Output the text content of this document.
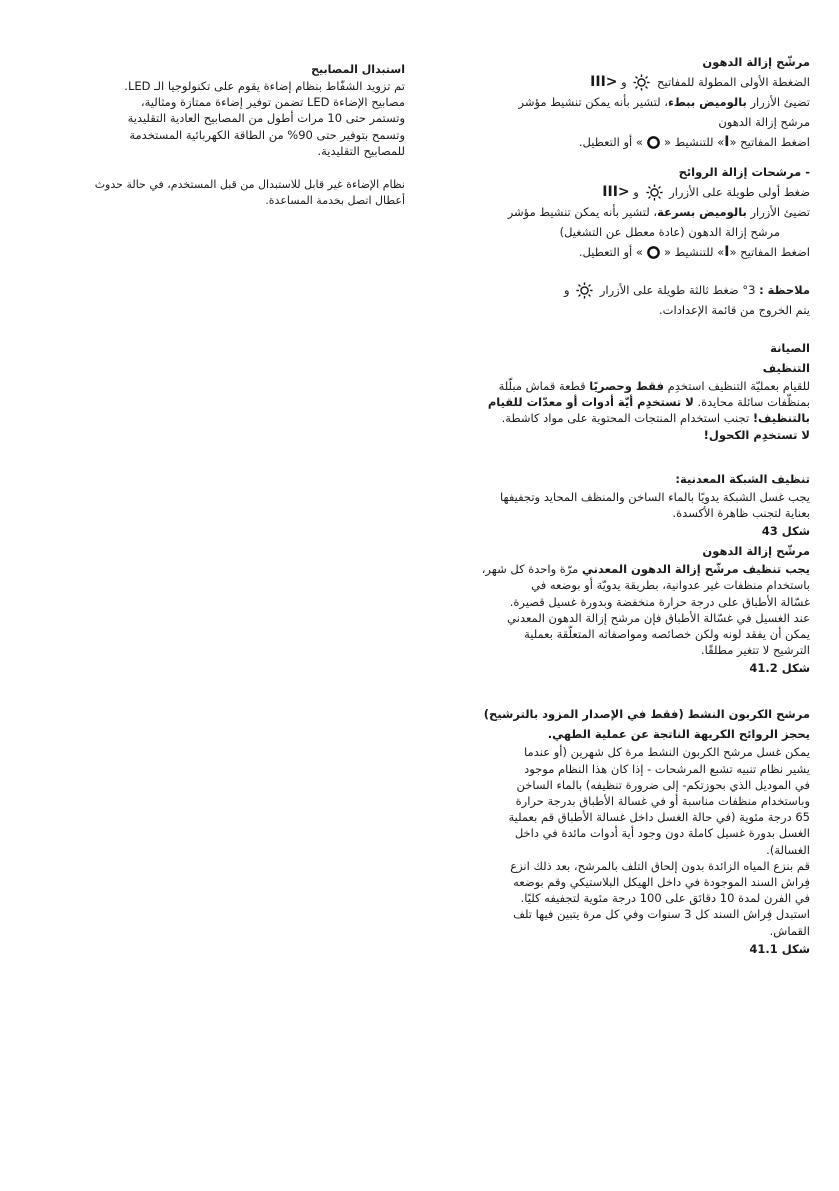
مرشّح إزالة الدهون

الضغطة الأولى المطولة للمفاتيح  و III>

تضيئ الأزرار بالوميض ببطء، لتشير بأنه يمكن تنشيط مؤشر

مرشح إزالة الدهون

اضغط المفاتيح «I» للتنشيط «» أو التعطيل.

- مرشحات إزالة الروائح

ضغط أولى طويلة على الأزرار  و III>

تضيئ الأزرار بالوميض بسرعة، لتشير بأنه يمكن تنشيط مؤشر

مرشح إزالة الدهون (عادة معطل عن التشغيل)

اضغط المفاتيح «I» للتنشيط «» أو التعطيل.

ملاحظة : 3° ضغط ثالثة طويلة على الأزرار  و

يتم الخروج من قائمة الإعدادات.

الصيانة

التنظيف

للقيام بعمليّة التنظيف استخدِم فقط وحصريًا قطعة قماش مبلّلة

بمنظّفات سائلة محايدة. لا تستخدِم أيّة أدوات أو معدّات للقيام

بالتنظيف! تجنب استخدام المنتجات المحتوية على مواد كاشطة.

لا تستخدِم الكحول!

تنظيف الشبكة المعدنية:

يجب غسل الشبكة يدويًا بالماء الساخن والمنظف المحايد وتجفيفها

بعناية لتجنب ظاهرة الأكسدة.

شكل 43

مرشّح إزالة الدهون

يجب تنظيف مرشّح إزالة الدهون المعدني مرّة واحدة كل شهر،

باستخدام منظفات غير عدوانية، بطريقة يدويّة أو بوضعه في

غسّالة الأطباق على درجة حرارة منخفضة وبدورة غسيل قصيرة.

عند الغسيل في غسّالة الأطباق فإن مرشح إزالة الدهون المعدني

يمكن أن يفقد لونه ولكن خصائصه ومواصفاته المتعلّقة بعملية

الترشيح لا تتغير مطلقًا.

شكل 41.2

مرشح الكربون النشط (فقط في الإصدار المزود بالترشيح)

يحجز الروائح الكريهة الناتجة عن عملية الطهي.

يمكن غسل مرشح الكربون النشط مرة كل شهرين (أو عندما

يشير نظام تنبيه تشبع المرشحات - إذا كان هذا النظام موجود

في الموديل الذي بحوزتكم- إلى ضرورة تنظيفه) بالماء الساخن

وباستخدام منظفات مناسبة أو في غسالة الأطباق بدرجة حرارة

65 درجة مئوية (في حالة الغسل داخل غسالة الأطباق قم بعملية

الغسل بدورة غسيل كاملة دون وجود أية أدوات مائدة في داخل

الغسالة).

قم بنزع المياه الزائدة بدون إلحاق التلف بالمرشح، بعد ذلك انزع

فِراش السند الموجودة في داخل الهيكل البلاستيكي وقم بوضعه

في الفرن لمدة 10 دقائق على 100 درجة مئوية لتجفيفه كليًا.

استبدل فِراش السند كل 3 سنوات وفي كل مرة يتبين فيها تلف

القماش.

شكل 41.1

استبدال المصابيح

تم تزويد الشفّاط بنظام إضاءة يقوم على تكنولوجيا الـ LED.

مصابيح الإضاءة LED تضمن توفير إضاءة ممتازة ومثالية،

وتستمر حتى 10 مرات أطول من المصابيح العادية التقليدية

وتسمح بتوفير حتى 90% من الطاقة الكهربائية المستخدمة

للمصابيح التقليدية.

نظام الإضاءة غير قابل للاستبدال من قبل المستخدم، في حالة حدوث

أعطال اتصل بخدمة المساعدة.
